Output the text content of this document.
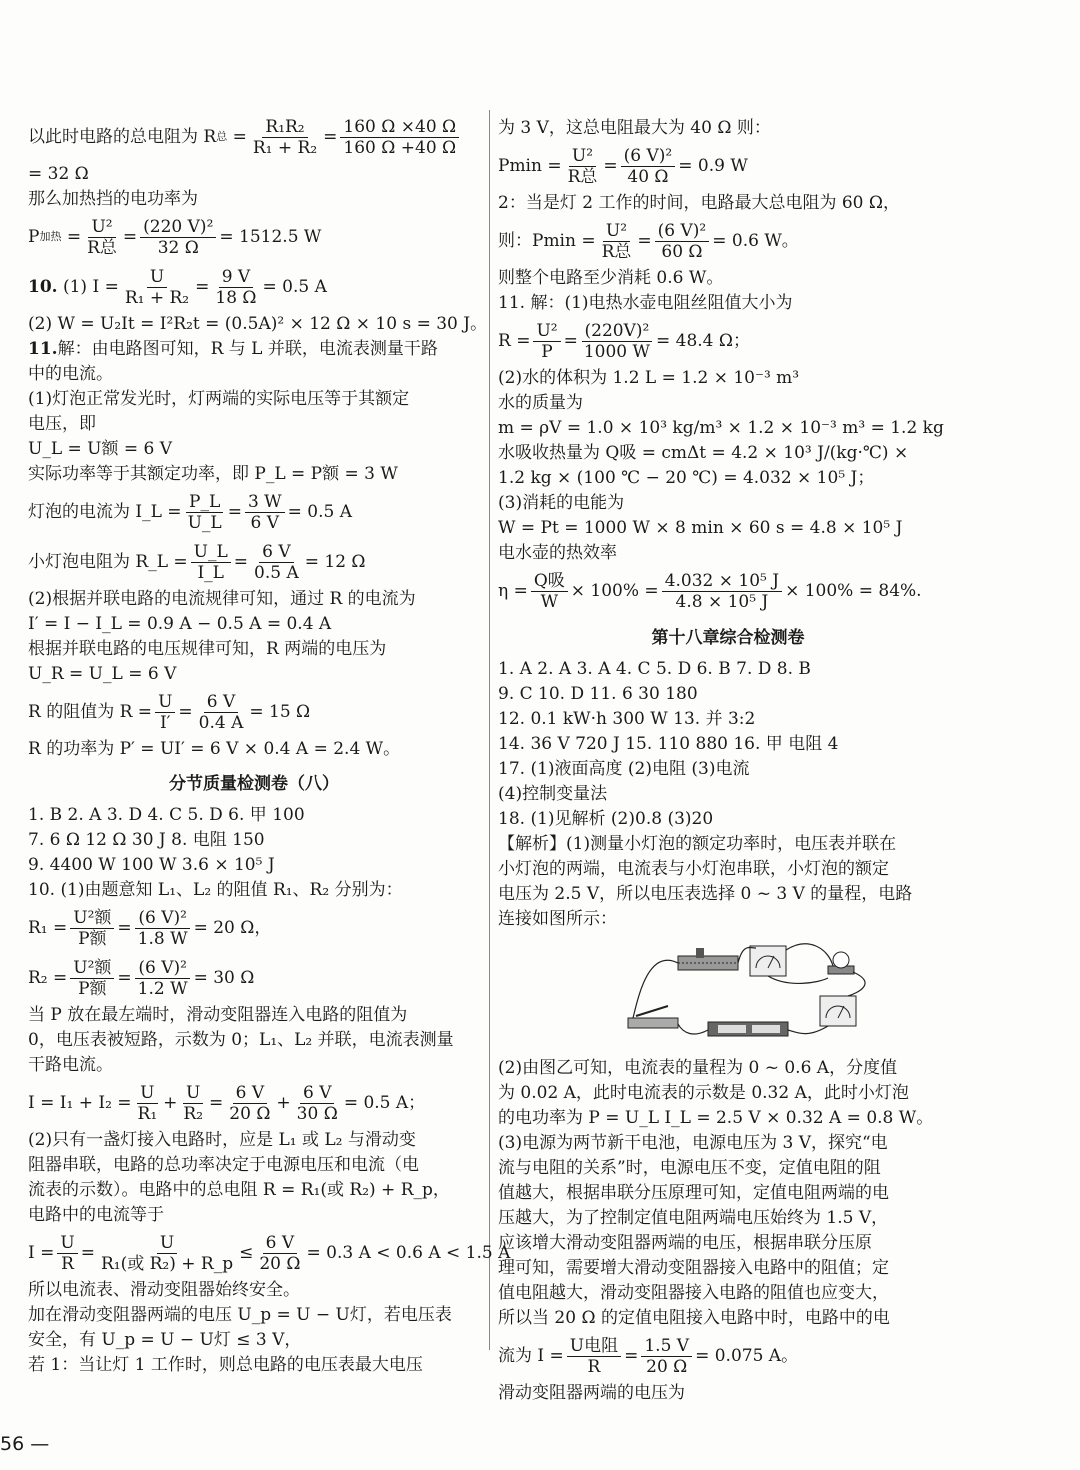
以此时电路的总电阻为 R 总 = $\frac{\text{R₁R₂}}{\text{R₁ + R₂}} = \frac{160 \Omega \times 40 \Omega}{160 \Omega +40 \Omega}$

= 32 Ω

那么加热挡的电功率为

P 加热 = $\frac{\text{U²}}{\text{R总}} = \frac{\text{(220 V)²}}{32 \Omega} = 1512.5$ W
10.
(1) $I = \frac{U}{\text{R₁ + R₂}} = \frac{9 V}{18 \Omega} = 0.5$ A

(2) W = U₂It = I²R₂t = (0.5A)² × 12 Ω × 10 s = 30 J。

11.解：由电路图可知，R 与 L 并联，电流表测量干路

中的电流。

(1)灯泡正常发光时，灯两端的实际电压等于其额定

电压，即

U_L = U额 = 6 V

实际功率等于其额定功率，即 P_L = P额 = 3 W

灯泡的电流为 I_L = $\frac{P\_L}{U\_L} = \frac{3 W}{6 V} = 0.5$ A
小灯泡电阻为 R_L = $\frac{U\_L}{I\_L} = \frac{6 V}{0.5 A} = 12$ Ω

(2)根据并联电路的电流规律可知，通过 R 的电流为

I′ = I − I_L = 0.9 A − 0.5 A = 0.4 A

根据并联电路的电压规律可知，R 两端的电压为

U_R = U_L = 6 V

R 的阻值为 $R = \frac{U}{I'} = \frac{6 V}{0.4 A} = 15$ Ω

R 的功率为 P′ = UI′ = 6 V × 0.4 A = 2.4 W。

分节质量检测卷（八）

1. B 2. A 3. D 4. C 5. D 6. 甲 100

7. 6 Ω 12 Ω 30 J 8. 电阻 150

9. 4400 W 100 W 3.6 × 10⁵ J

10. (1)由题意知 L₁、L₂ 的阻值 R₁、R₂ 分别为：

$R_1 = \frac{\text{U²额}}{\text{P额}} = \frac{\text{(6 V)²}}{1.8 W} = 20$ Ω，
$R_2 = \frac{\text{U²额}}{\text{P额}} = \frac{\text{(6 V)²}}{1.2 W} = 30$ Ω

当 P 放在最左端时，滑动变阻器连入电路的阻值为

0，电压表被短路，示数为 0；L₁、L₂ 并联，电流表测量

干路电流。

$I = I_1 + I_2 = \frac{U}{\text{R₁}} + \frac{U}{\text{R₂}} = \frac{6 V}{20 \Omega} + \frac{6 V}{30 \Omega} = 0.5$ A；

(2)只有一盏灯接入电路时，应是 L₁ 或 L₂ 与滑动变

阻器串联，电路的总功率决定于电源电压和电流（电

流表的示数）。电路中的总电阻 R = R₁(或 R₂) + R_p，

电路中的电流等于

$I = \frac{U}{R} = \frac{U}{\text{R₁(或 R₂) + R\_p}} \le \frac{6 V}{20 \Omega} = 0.3$ A < 0.6 A < 1.5 A

所以电流表、滑动变阻器始终安全。

加在滑动变阻器两端的电压 U_p = U − U灯，若电压表

安全，有 U_p = U − U灯 ≤ 3 V，

若 1：当让灯 1 工作时，则总电路的电压表最大电压

为 3 V，这总电阻最大为 40 Ω 则：

$Pmin = \frac{\text{U²}}{\text{R总}} = \frac{\text{(6 V)²}}{40 \Omega} = 0.9$ W

2：当是灯 2 工作的时间，电路最大总电阻为 60 Ω，

则：$Pmin = \frac{\text{U²}}{\text{R总}} = \frac{\text{(6 V)²}}{60 \Omega} = 0.6$ W。

则整个电路至少消耗 0.6 W。

11. 解：(1)电热水壶电阻丝阻值大小为

$R = \frac{\text{U²}}{P} = \frac{\text{(220V)²}}{1000 W} = 48.4$ Ω；

(2)水的体积为 1.2 L = 1.2 × 10⁻³ m³

水的质量为

m = ρV = 1.0 × 10³ kg/m³ × 1.2 × 10⁻³ m³ = 1.2 kg

水吸收热量为 Q吸 = cmΔt = 4.2 × 10³ J/(kg·℃) ×

1.2 kg × (100 ℃ − 20 ℃) = 4.032 × 10⁵ J；

(3)消耗的电能为

W = Pt = 1000 W × 8 min × 60 s = 4.8 × 10⁵ J

电水壶的热效率

$\eta = \frac{\text{Q吸}}{W} \times 100\% = \frac{\text{4.032 × 10⁵ J}}{\text{4.8 × 10⁵ J}} \times 100\% = 84\%$.
第十八章综合检测卷

1. A 2. A 3. A 4. C 5. D 6. B 7. D 8. B

9. C 10. D 11. 6 30 180

12. 0.1 kW·h 300 W 13. 并 3:2

14. 36 V 720 J 15. 110 880 16. 甲 电阻 4

17. (1)液面高度 (2)电阻 (3)电流

(4)控制变量法

18. (1)见解析 (2)0.8 (3)20

【解析】(1)测量小灯泡的额定功率时，电压表并联在

小灯泡的两端，电流表与小灯泡串联，小灯泡的额定

电压为 2.5 V，所以电压表选择 0 ~ 3 V 的量程，电路

连接如图所示：

(2)由图乙可知，电流表的量程为 0 ~ 0.6 A，分度值

为 0.02 A，此时电流表的示数是 0.32 A，此时小灯泡

的电功率为 P = U_L I_L = 2.5 V × 0.32 A = 0.8 W。

(3)电源为两节新干电池，电源电压为 3 V，探究“电

流与电阻的关系”时，电源电压不变，定值电阻的阻

值越大，根据串联分压原理可知，定值电阻两端的电

压越大，为了控制定值电阻两端电压始终为 1.5 V，

应该增大滑动变阻器两端的电压，根据串联分压原

理可知，需要增大滑动变阻器接入电路中的阻值；定

值电阻越大，滑动变阻器接入电路的阻值也应变大，

所以当 20 Ω 的定值电阻接入电路中时，电路中的电

流为 $I = \frac{\text{U电阻}}{R} = \frac{1.5 V}{20 \Omega} = 0.075$ A。

滑动变阻器两端的电压为

56 —
